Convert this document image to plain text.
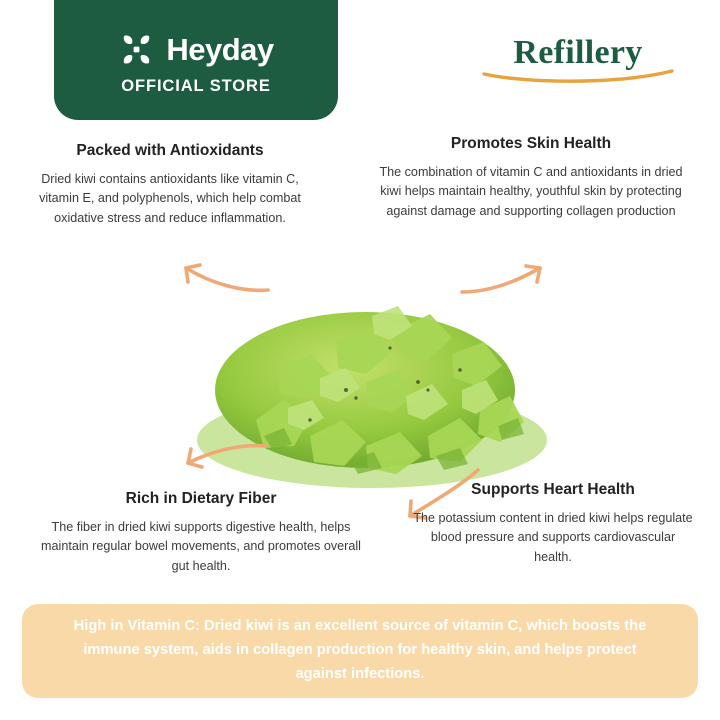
Heyday
OFFICIAL STORE
Refillery
Packed with Antioxidants

Dried kiwi contains antioxidants like vitamin C, vitamin E, and polyphenols, which help combat oxidative stress and reduce inflammation.

Promotes Skin Health

The combination of vitamin C and antioxidants in dried kiwi helps maintain healthy, youthful skin by protecting against damage and supporting collagen production

Rich in Dietary Fiber

The fiber in dried kiwi supports digestive health, helps maintain regular bowel movements, and promotes overall gut health.

Supports Heart Health

The potassium content in dried kiwi helps regulate blood pressure and supports cardiovascular health.

High in Vitamin C: Dried kiwi is an excellent source of vitamin C, which boosts the immune system, aids in collagen production for healthy skin, and helps protect against infections.
